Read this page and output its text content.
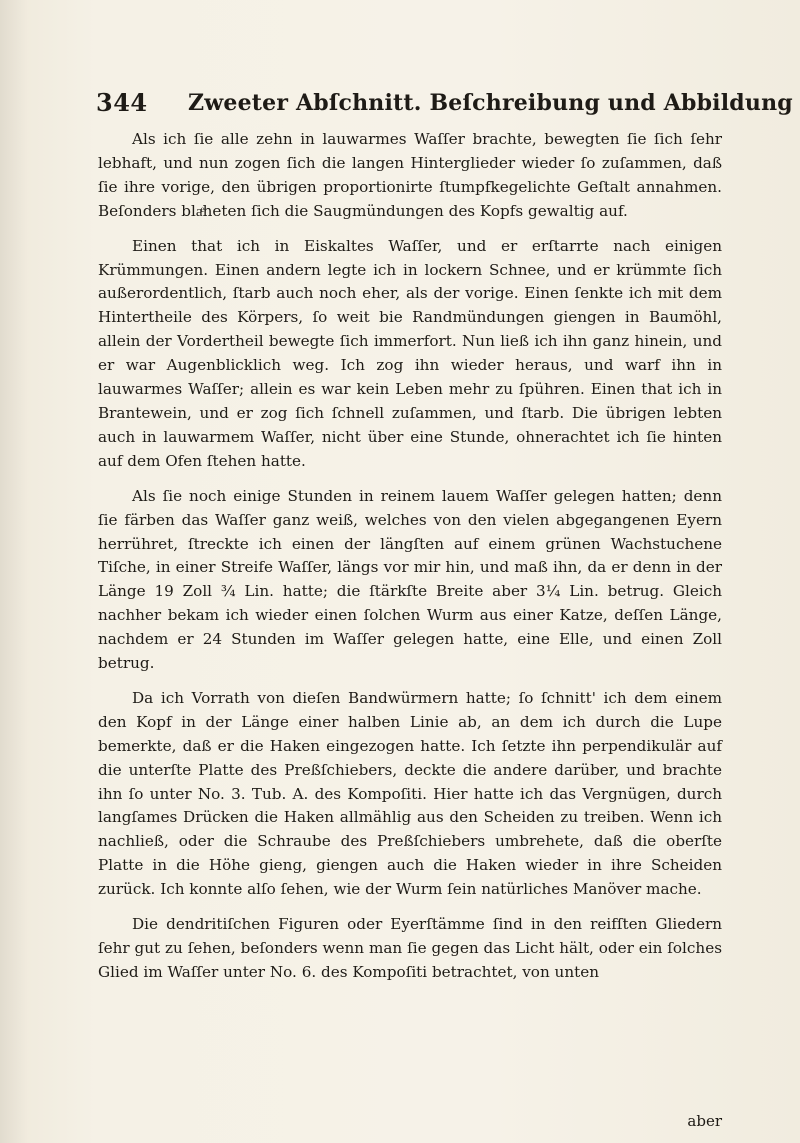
344 Zweeter Abſchnitt. Beſchreibung und Abbildung

Als ich ſie alle zehn in lauwarmes Waſſer brachte, bewegten ſie ſich ſehr lebhaft, und nun zogen ſich die langen Hinterglieder wieder ſo zuſammen, daß ſie ihre vorige, den übrigen proportionirte ſtumpfkegelichte Geſtalt annahmen. Beſonders blaͤheten ſich die Saugmündungen des Kopfs gewaltig auf.

Einen that ich in Eiskaltes Waſſer, und er erſtarrte nach einigen Krümmungen. Einen andern legte ich in lockern Schnee, und er krümmte ſich außerordentlich, ſtarb auch noch eher, als der vorige. Einen ſenkte ich mit dem Hintertheile des Körpers, ſo weit bie Randmündungen giengen in Baumöhl, allein der Vordertheil bewegte ſich immerfort. Nun ließ ich ihn ganz hinein, und er war Augenblicklich weg. Ich zog ihn wieder heraus, und warf ihn in lauwarmes Waſſer; allein es war kein Leben mehr zu ſpühren. Einen that ich in Brantewein, und er zog ſich ſchnell zuſammen, und ſtarb. Die übrigen lebten auch in lauwarmem Waſſer, nicht über eine Stunde, ohnerachtet ich ſie hinten auf dem Ofen ſtehen hatte.

Als ſie noch einige Stunden in reinem lauem Waſſer gelegen hatten; denn ſie färben das Waſſer ganz weiß, welches von den vielen abgegangenen Eyern herrühret, ſtreckte ich einen der längſten auf einem grünen Wachstuchene Tiſche, in einer Streife Waſſer, längs vor mir hin, und maß ihn, da er denn in der Länge 19 Zoll ¾ Lin. hatte; die ſtärkſte Breite aber 3¼ Lin. betrug. Gleich nachher bekam ich wieder einen ſolchen Wurm aus einer Katze, deſſen Länge, nachdem er 24 Stunden im Waſſer gelegen hatte, eine Elle, und einen Zoll betrug.

Da ich Vorrath von dieſen Bandwürmern hatte; ſo ſchnitt' ich dem einem den Kopf in der Länge einer halben Linie ab, an dem ich durch die Lupe bemerkte, daß er die Haken eingezogen hatte. Ich ſetzte ihn perpendikulär auf die unterſte Platte des Preßſchiebers, deckte die andere darüber, und brachte ihn ſo unter No. 3. Tub. A. des Kompoſiti. Hier hatte ich das Vergnügen, durch langſames Drücken die Haken allmählig aus den Scheiden zu treiben. Wenn ich nachließ, oder die Schraube des Preßſchiebers umbrehete, daß die oberſte Platte in die Höhe gieng, giengen auch die Haken wieder in ihre Scheiden zurück. Ich konnte alſo ſehen, wie der Wurm ſein natürliches Manöver mache.

Die dendritiſchen Figuren oder Eyerſtämme ſind in den reifſten Gliedern ſehr gut zu ſehen, beſonders wenn man ſie gegen das Licht hält, oder ein ſolches Glied im Waſſer unter No. 6. des Kompoſiti betrachtet, von unten

aber
